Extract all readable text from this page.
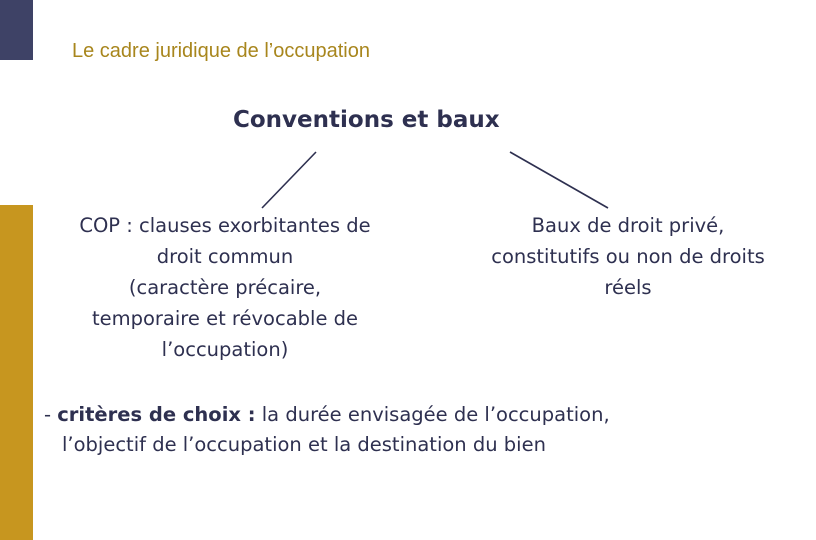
Le cadre juridique de l’occupation
Conventions et baux
COP : clauses exorbitantes de
droit commun
(caractère précaire,
temporaire et révocable de
l’occupation)
Baux de droit privé,
constitutifs ou non de droits
réels
- critères de choix : la durée envisagée de l’occupation,
l’objectif de l’occupation et la destination du bien
